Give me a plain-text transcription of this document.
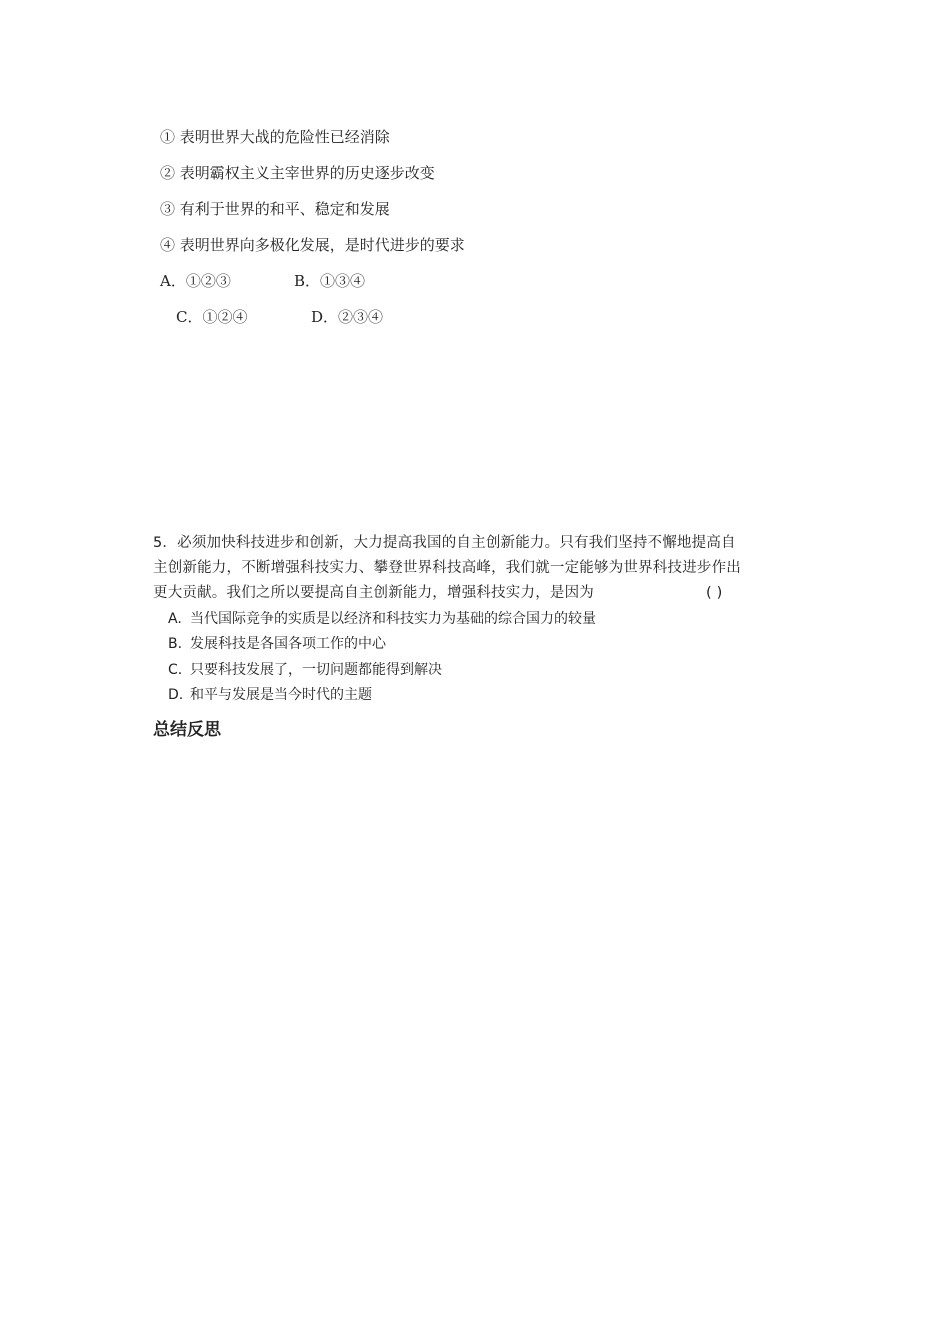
① 表明世界大战的危险性已经消除
② 表明霸权主义主宰世界的历史逐步改变
③ 有利于世界的和平、稳定和发展
④ 表明世界向多极化发展，是时代进步的要求
A．①②③	B．①③④
C．①②④	D．②③④
5．必须加快科技进步和创新，大力提高我国的自主创新能力。只有我们坚持不懈地提高自
主创新能力，不断增强科技实力、攀登世界科技高峰，我们就一定能够为世界科技进步作出
更大贡献。我们之所以要提高自主创新能力，增强科技实力，是因为	( )
A. 当代国际竞争的实质是以经济和科技实力为基础的综合国力的较量
B. 发展科技是各国各项工作的中心
C. 只要科技发展了，一切问题都能得到解决
D. 和平与发展是当今时代的主题
总结反思
